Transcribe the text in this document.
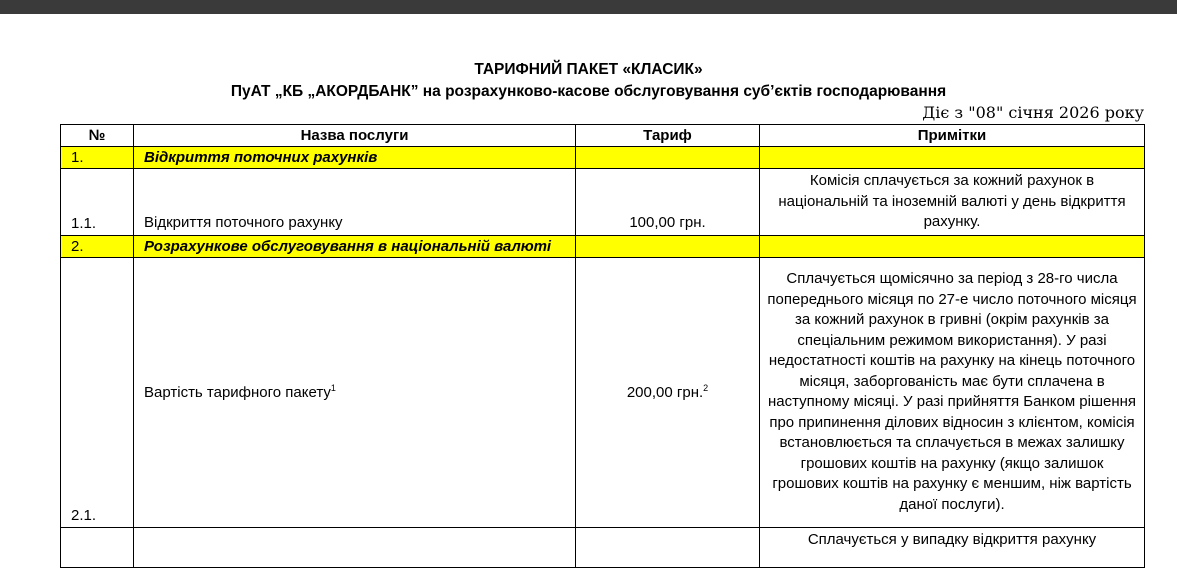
ТАРИФНИЙ ПАКЕТ «КЛАСИК»
ПуАТ „КБ „АКОРДБАНК” на розрахунково-касове обслуговування суб’єктів господарювання
Діє з "08" січня 2026 року
№	Назва послуги	Тариф	Примітки
1.	Відкриття поточних рахунків		
1.1.	Відкриття поточного рахунку	100,00 грн.	Комісія сплачується за кожний рахунок в національній та іноземній валюті у день відкриття рахунку.
2.	Розрахункове обслуговування в національній валюті		
2.1.	Вартість тарифного пакету$^1$	200,00 грн.$^2$	Сплачується щомісячно за період з 28-го числа попереднього місяця по 27-е число поточного місяця за кожний рахунок в гривні (окрім рахунків за спеціальним режимом використання). У разі недостатності коштів на рахунку на кінець поточного місяця, заборгованість має бути сплачена в наступному місяці. У разі прийняття Банком рішення про припинення ділових відносин з клієнтом, комісія встановлюється та сплачується в межах залишку грошових коштів на рахунку (якщо залишок грошових коштів на рахунку є меншим, ніж вартість даної послуги).
			Сплачується у випадку відкриття рахунку
